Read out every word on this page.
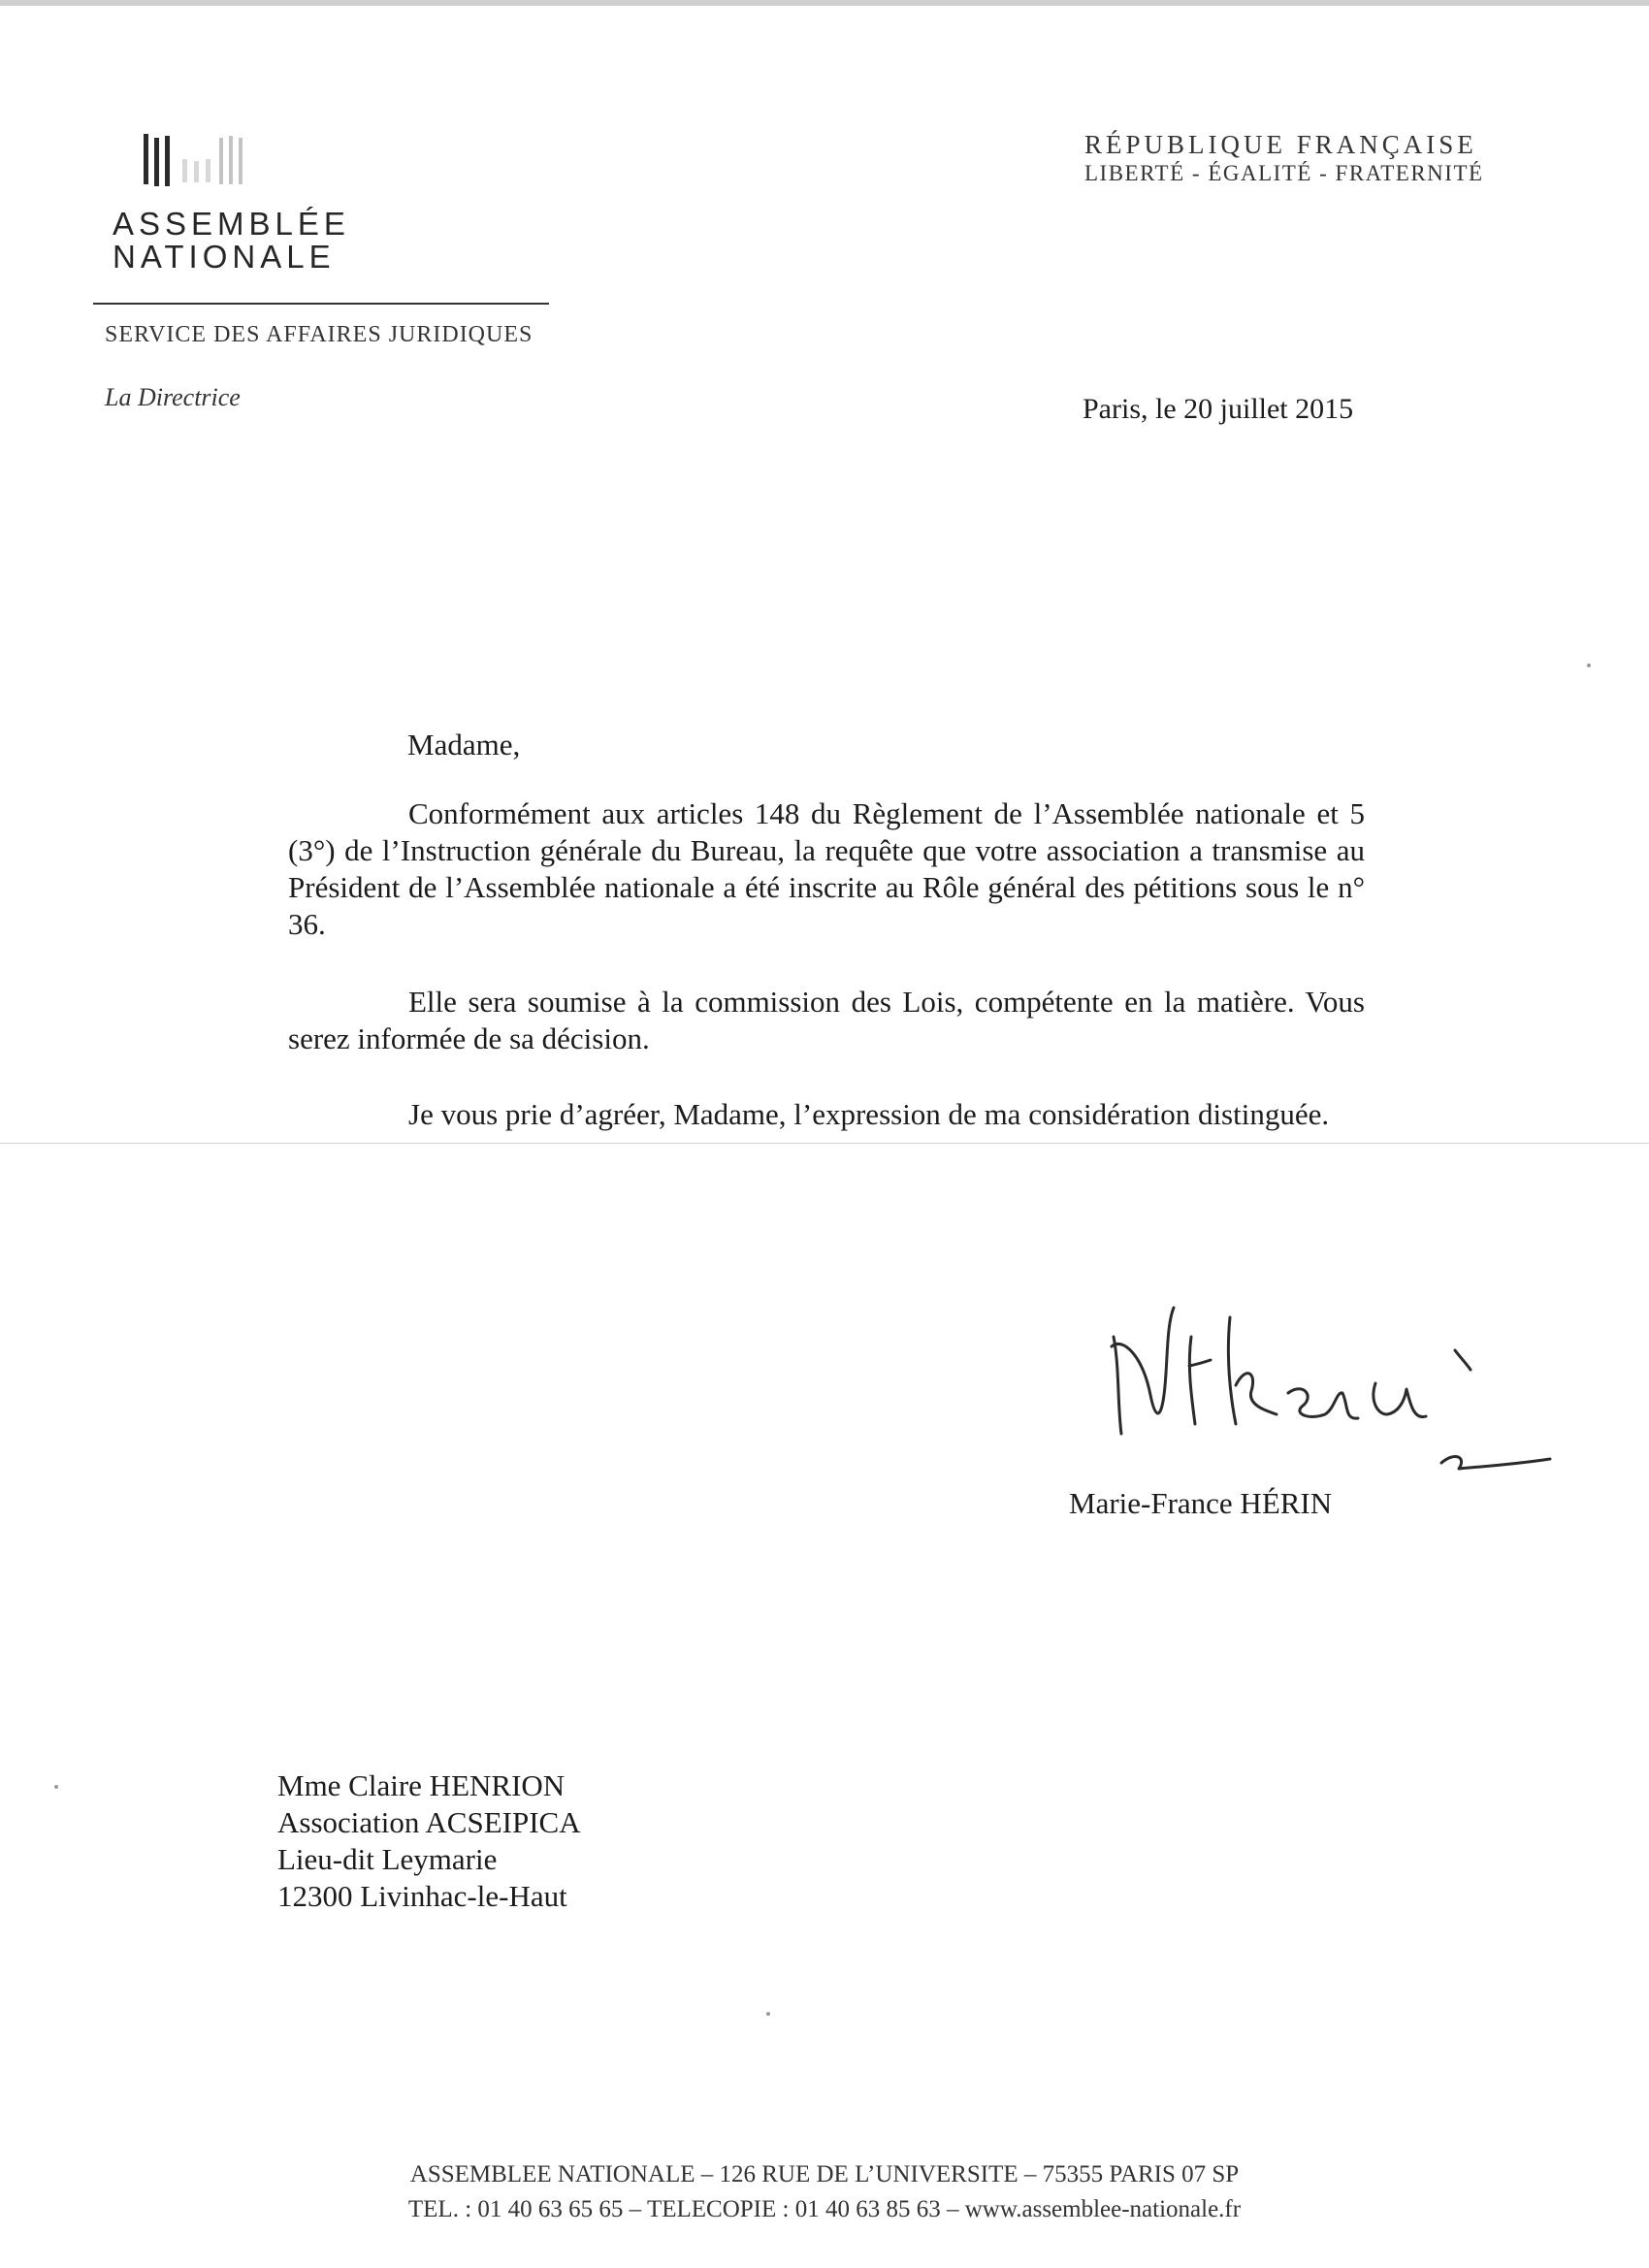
ASSEMBLÉE
NATIONALE
SERVICE DES AFFAIRES JURIDIQUES
La Directrice
RÉPUBLIQUE FRANÇAISE
LIBERTÉ - ÉGALITÉ - FRATERNITÉ
Paris, le 20 juillet 2015
Madame,
Conformément aux articles 148 du Règlement de l’Assemblée nationale et 5 (3°) de l’Instruction générale du Bureau, la requête que votre association a transmise au Président de l’Assemblée nationale a été inscrite au Rôle général des pétitions sous le n° 36.
Elle sera soumise à la commission des Lois, compétente en la matière. Vous serez informée de sa décision.
Je vous prie d’agréer, Madame, l’expression de ma considération distinguée.
Marie-France HÉRIN
Mme Claire HENRION
Association ACSEIPICA
Lieu-dit Leymarie
12300 Livinhac-le-Haut
ASSEMBLEE NATIONALE – 126 RUE DE L’UNIVERSITE – 75355 PARIS 07 SP
TEL. : 01 40 63 65 65 – TELECOPIE : 01 40 63 85 63 – www.assemblee-nationale.fr
